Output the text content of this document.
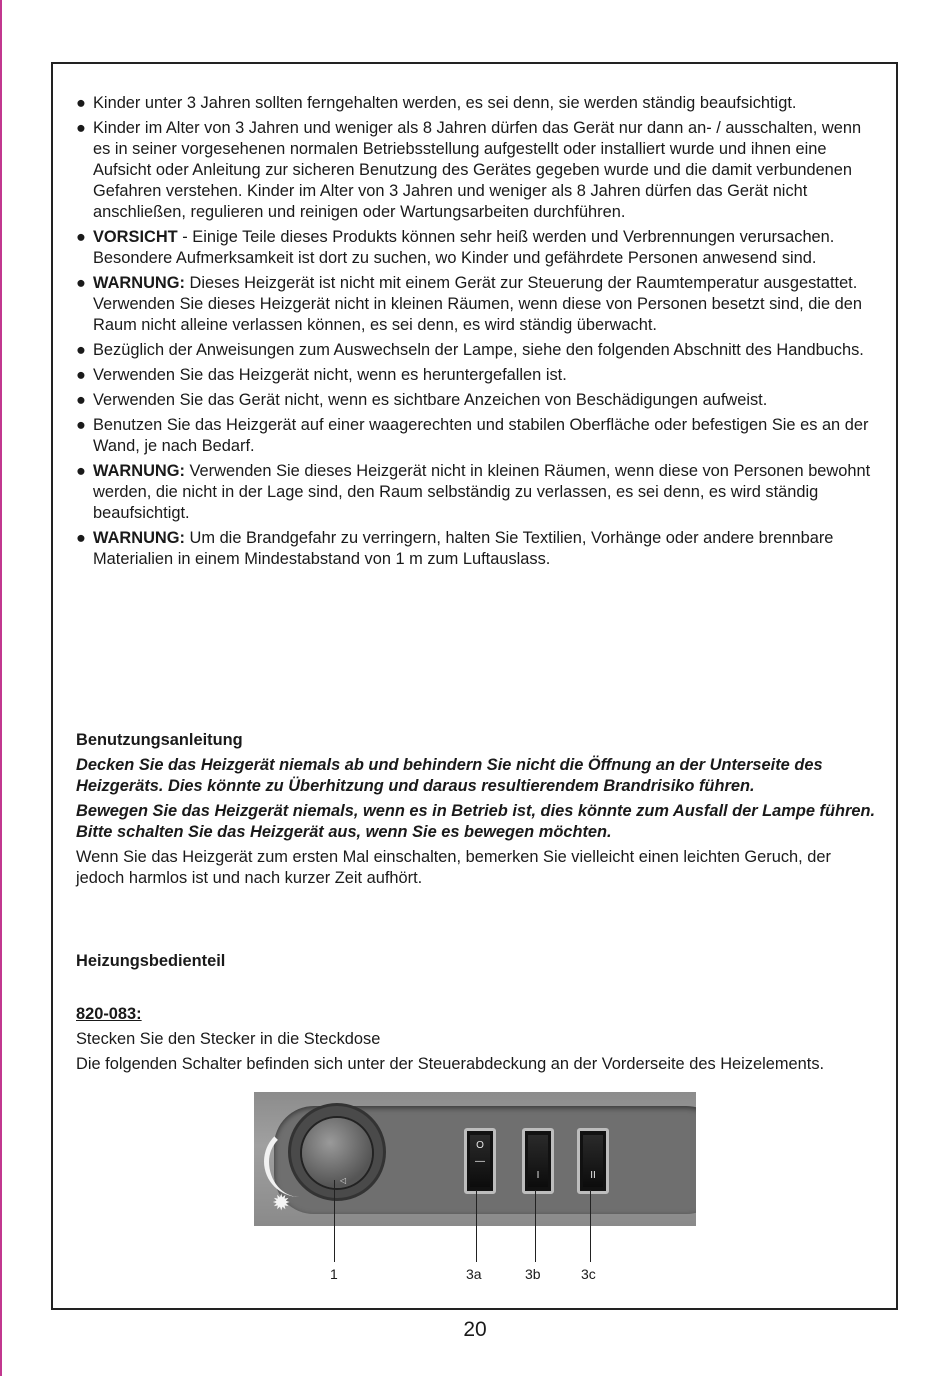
● Kinder unter 3 Jahren sollten ferngehalten werden, es sei denn, sie werden ständig beaufsichtigt.
● Kinder im Alter von 3 Jahren und weniger als 8 Jahren dürfen das Gerät nur dann an- / ausschalten, wenn es in seiner vorgesehenen normalen Betriebsstellung aufgestellt oder installiert wurde und ihnen eine Aufsicht oder Anleitung zur sicheren Benutzung des Gerätes gegeben wurde und die damit verbundenen Gefahren verstehen. Kinder im Alter von 3 Jahren und weniger als 8 Jahren dürfen das Gerät nicht anschließen, regulieren und reinigen oder Wartungsarbeiten durchführen.
● VORSICHT - Einige Teile dieses Produkts können sehr heiß werden und Verbrennungen verursachen. Besondere Aufmerksamkeit ist dort zu suchen, wo Kinder und gefährdete Personen anwesend sind.
● WARNUNG: Dieses Heizgerät ist nicht mit einem Gerät zur Steuerung der Raumtemperatur ausgestattet. Verwenden Sie dieses Heizgerät nicht in kleinen Räumen, wenn diese von Personen besetzt sind, die den Raum nicht alleine verlassen können, es sei denn, es wird ständig überwacht.
● Bezüglich der Anweisungen zum Auswechseln der Lampe, siehe den folgenden Abschnitt des Handbuchs.
● Verwenden Sie das Heizgerät nicht, wenn es heruntergefallen ist.
● Verwenden Sie das Gerät nicht, wenn es sichtbare Anzeichen von Beschädigungen aufweist.
● Benutzen Sie das Heizgerät auf einer waagerechten und stabilen Oberfläche oder befestigen Sie es an der Wand, je nach Bedarf.
● WARNUNG: Verwenden Sie dieses Heizgerät nicht in kleinen Räumen, wenn diese von Personen bewohnt werden, die nicht in der Lage sind, den Raum selbständig zu verlassen, es sei denn, es wird ständig beaufsichtigt.
● WARNUNG: Um die Brandgefahr zu verringern, halten Sie Textilien, Vorhänge oder andere brennbare Materialien in einem Mindestabstand von 1 m zum Luftauslass.
Benutzungsanleitung
Decken Sie das Heizgerät niemals ab und behindern Sie nicht die Öffnung an der Unterseite des Heizgeräts. Dies könnte zu Überhitzung und daraus resultierendem Brandrisiko führen.
Bewegen Sie das Heizgerät niemals, wenn es in Betrieb ist, dies könnte zum Ausfall der Lampe führen. Bitte schalten Sie das Heizgerät aus, wenn Sie es bewegen möchten.
Wenn Sie das Heizgerät zum ersten Mal einschalten, bemerken Sie vielleicht einen leichten Geruch, der jedoch harmlos ist und nach kurzer Zeit aufhört.
Heizungsbedienteil
820-083:
Stecken Sie den Stecker in die Steckdose
Die folgenden Schalter befinden sich unter der Steuerabdeckung an der Vorderseite des Heizelements.
◁
✹
O
—
I	II
1	3a	3b	3c
20
